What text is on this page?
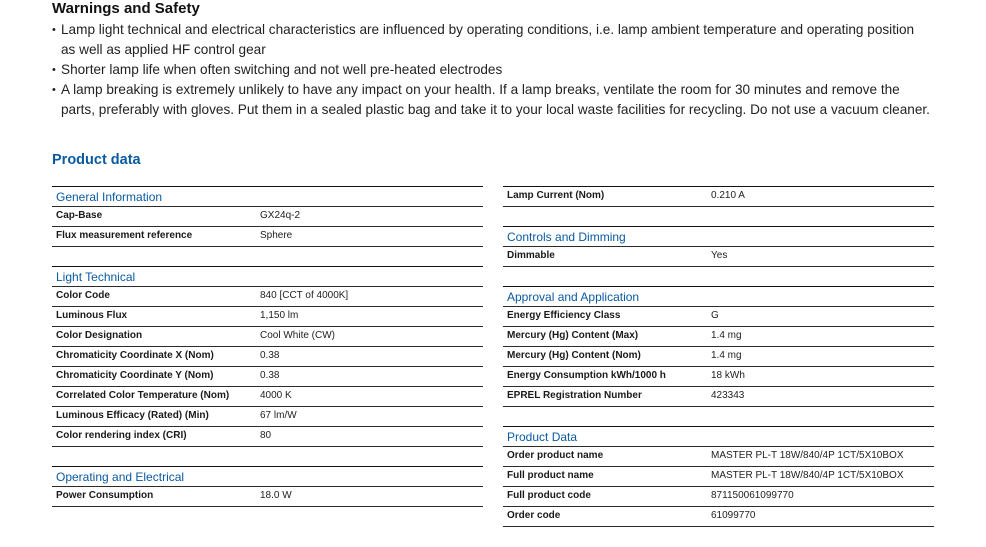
Warnings and Safety
• Lamp light technical and electrical characteristics are influenced by operating conditions, i.e. lamp ambient temperature and operating position as well as applied HF control gear
• Shorter lamp life when often switching and not well pre-heated electrodes
• A lamp breaking is extremely unlikely to have any impact on your health. If a lamp breaks, ventilate the room for 30 minutes and remove the parts, preferably with gloves. Put them in a sealed plastic bag and take it to your local waste facilities for recycling. Do not use a vacuum cleaner.
Product data
General Information
Cap-Base	GX24q-2
Flux measurement reference	Sphere
Light Technical
Color Code	840 [CCT of 4000K]
Luminous Flux	1,150 lm
Color Designation	Cool White (CW)
Chromaticity Coordinate X (Nom)	0.38
Chromaticity Coordinate Y (Nom)	0.38
Correlated Color Temperature (Nom)	4000 K
Luminous Efficacy (Rated) (Min)	67 lm/W
Color rendering index (CRI)	80
Operating and Electrical
Power Consumption	18.0 W
Lamp Current (Nom)	0.210 A
Controls and Dimming
Dimmable	Yes
Approval and Application
Energy Efficiency Class	G
Mercury (Hg) Content (Max)	1.4 mg
Mercury (Hg) Content (Nom)	1.4 mg
Energy Consumption kWh/1000 h	18 kWh
EPREL Registration Number	423343
Product Data
Order product name	MASTER PL-T 18W/840/4P 1CT/5X10BOX
Full product name	MASTER PL-T 18W/840/4P 1CT/5X10BOX
Full product code	871150061099770
Order code	61099770
